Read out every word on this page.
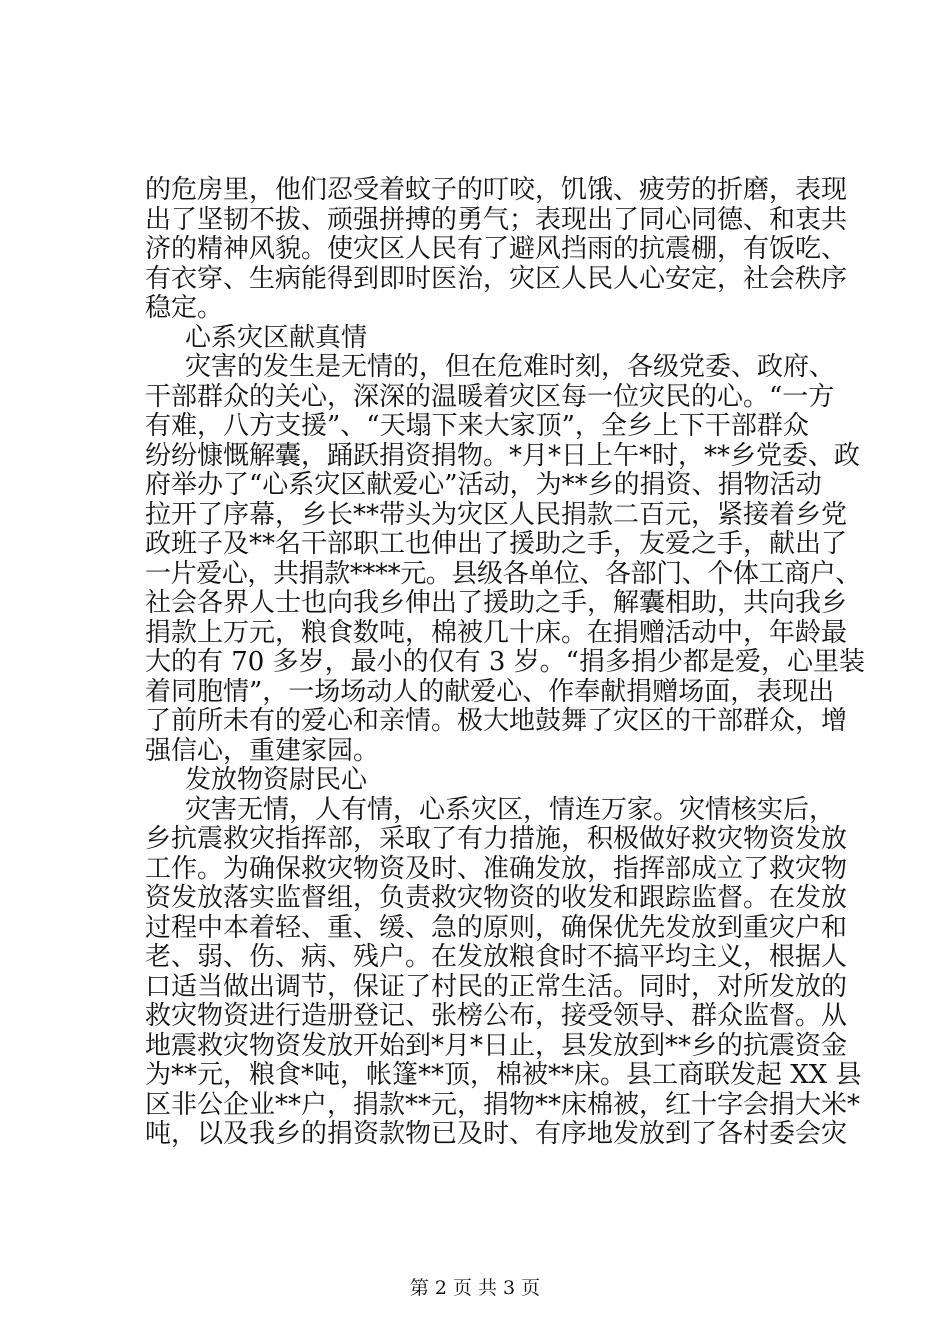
的危房里，他们忍受着蚊子的叮咬，饥饿、疲劳的折磨，表现
出了坚韧不拔、顽强拼搏的勇气；表现出了同心同德、和衷共
济的精神风貌。使灾区人民有了避风挡雨的抗震棚，有饭吃、
有衣穿、生病能得到即时医治，灾区人民人心安定，社会秩序
稳定。
心系灾区献真情
灾害的发生是无情的，但在危难时刻，各级党委、政府、
干部群众的关心，深深的温暖着灾区每一位灾民的心。“一方
有难，八方支援”、“天塌下来大家顶”，全乡上下干部群众
纷纷慷慨解囊，踊跃捐资捐物。*月*日上午*时，**乡党委、政
府举办了“心系灾区献爱心”活动，为**乡的捐资、捐物活动
拉开了序幕，乡长**带头为灾区人民捐款二百元，紧接着乡党
政班子及**名干部职工也伸出了援助之手，友爱之手，献出了
一片爱心，共捐款****元。县级各单位、各部门、个体工商户、
社会各界人士也向我乡伸出了援助之手，解囊相助，共向我乡
捐款上万元，粮食数吨，棉被几十床。在捐赠活动中，年龄最
大的有 70 多岁，最小的仅有 3 岁。“捐多捐少都是爱，心里装
着同胞情”，一场场动人的献爱心、作奉献捐赠场面，表现出
了前所未有的爱心和亲情。极大地鼓舞了灾区的干部群众，增
强信心，重建家园。
发放物资尉民心
灾害无情，人有情，心系灾区，情连万家。灾情核实后，
乡抗震救灾指挥部，采取了有力措施，积极做好救灾物资发放
工作。为确保救灾物资及时、准确发放，指挥部成立了救灾物
资发放落实监督组，负责救灾物资的收发和跟踪监督。在发放
过程中本着轻、重、缓、急的原则，确保优先发放到重灾户和
老、弱、伤、病、残户。在发放粮食时不搞平均主义，根据人
口适当做出调节，保证了村民的正常生活。同时，对所发放的
救灾物资进行造册登记、张榜公布，接受领导、群众监督。从
地震救灾物资发放开始到*月*日止，县发放到**乡的抗震资金
为**元，粮食*吨，帐篷**顶，棉被**床。县工商联发起 XX 县
区非公企业**户，捐款**元，捐物**床棉被，红十字会捐大米*
吨，以及我乡的捐资款物已及时、有序地发放到了各村委会灾
第 2 页 共 3 页
